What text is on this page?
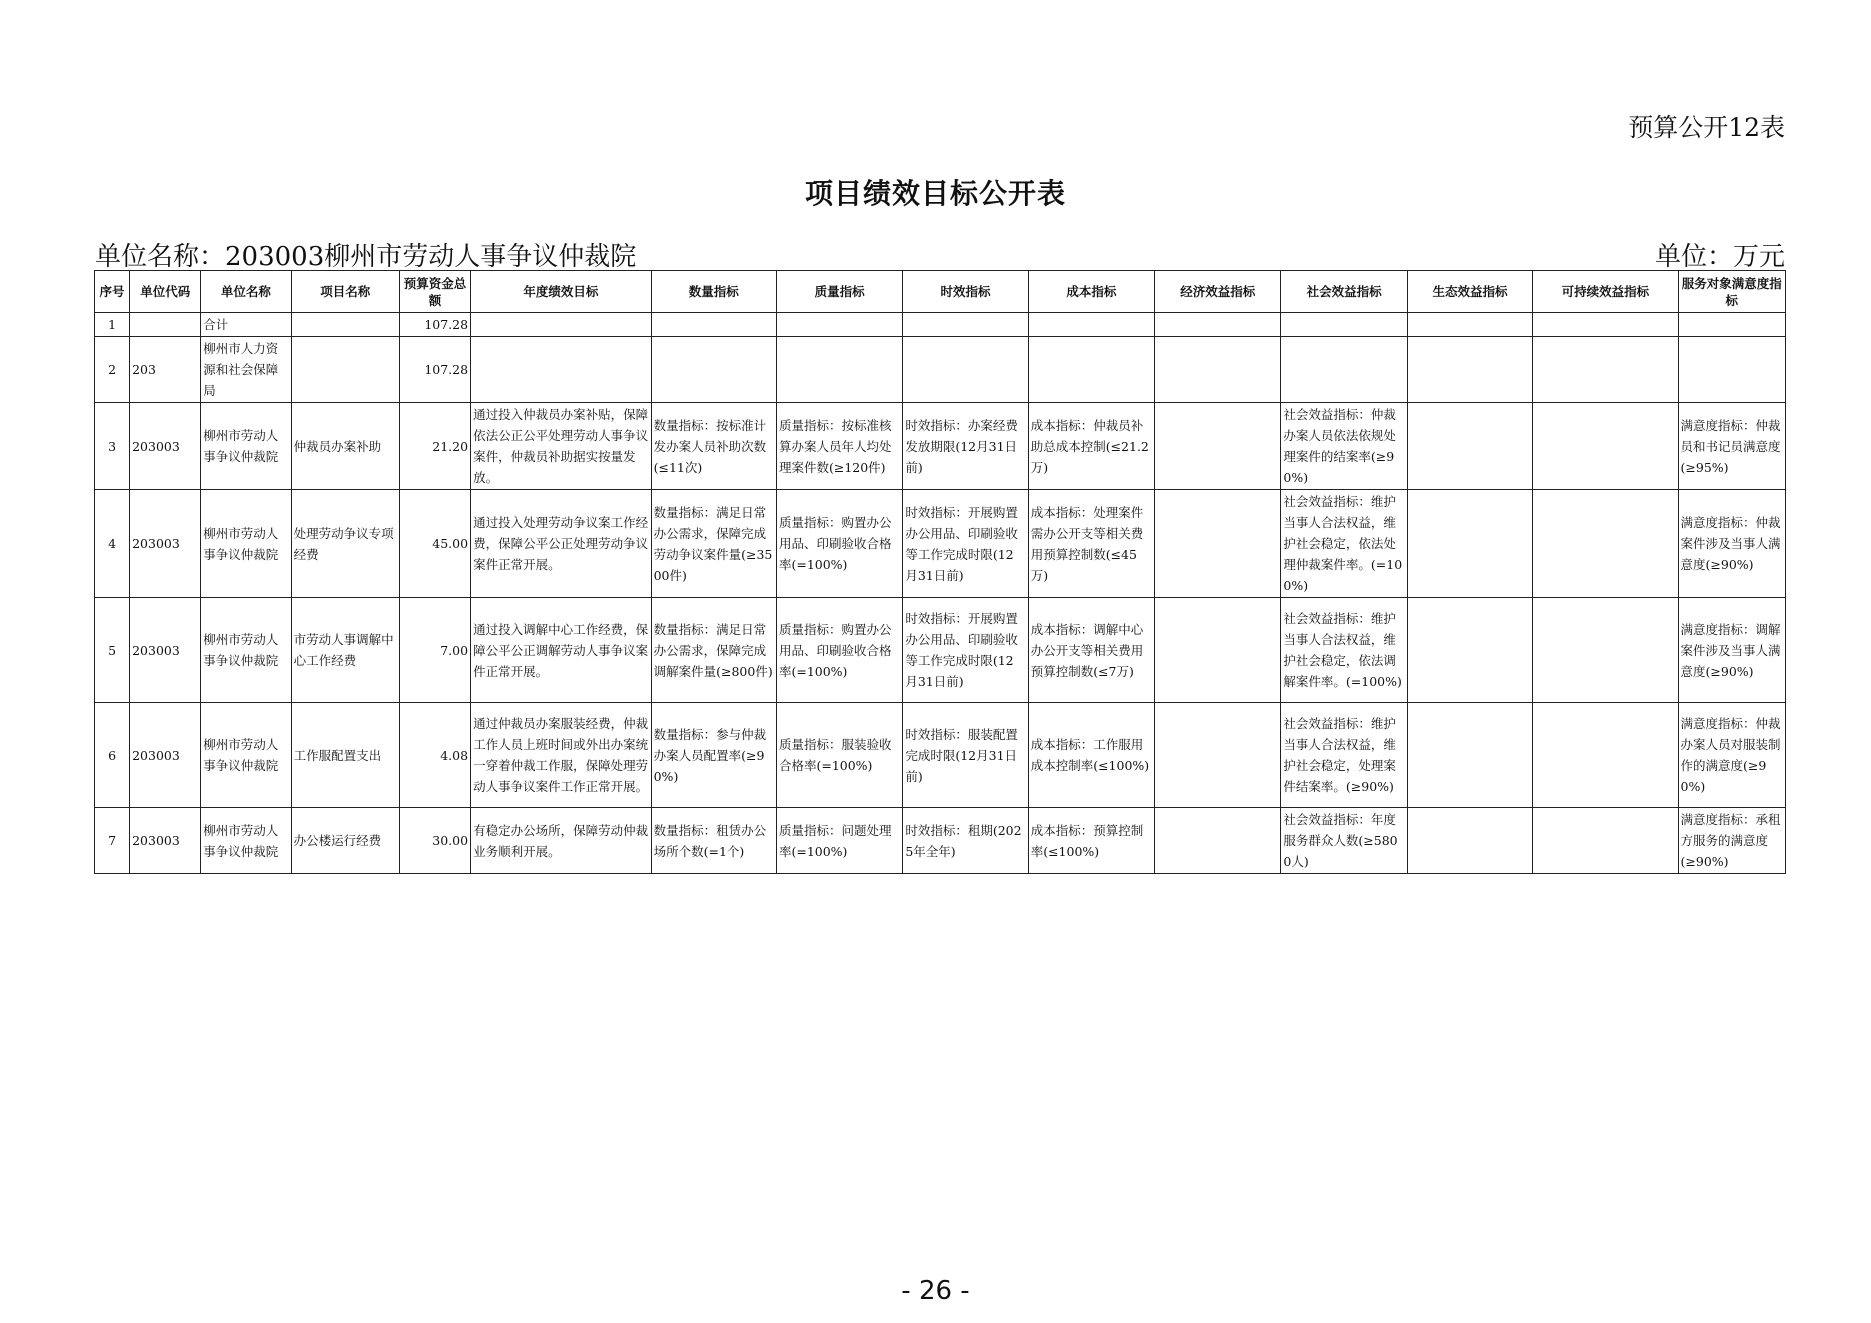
预算公开12表
项目绩效目标公开表
单位名称：203003柳州市劳动人事争议仲裁院	单位：万元
序号	单位代码	单位名称	项目名称	预算资金总额	年度绩效目标	数量指标	质量指标	时效指标	成本指标	经济效益指标	社会效益指标	生态效益指标	可持续效益指标	服务对象满意度指标
1		合计		107.28										
2	203	柳州市人力资源和社会保障局		107.28										
3	203003	柳州市劳动人事争议仲裁院	仲裁员办案补助	21.20	通过投入仲裁员办案补贴，保障依法公正公平处理劳动人事争议案件，仲裁员补助据实按量发放。	数量指标：按标准计发办案人员补助次数(≤11次)	质量指标：按标准核算办案人员年人均处理案件数(≥120件)	时效指标：办案经费发放期限(12月31日前)	成本指标：仲裁员补助总成本控制(≤21.2万)		社会效益指标：仲裁办案人员依法依规处理案件的结案率(≥90%)			满意度指标：仲裁员和书记员满意度(≥95%)
4	203003	柳州市劳动人事争议仲裁院	处理劳动争议专项经费	45.00	通过投入处理劳动争议案工作经费，保障公平公正处理劳动争议案件正常开展。	数量指标：满足日常办公需求，保障完成劳动争议案件量(≥3500件)	质量指标：购置办公用品、印刷验收合格率(=100%)	时效指标：开展购置办公用品、印刷验收等工作完成时限(12月31日前)	成本指标：处理案件需办公开支等相关费用预算控制数(≤45万)		社会效益指标：维护当事人合法权益，维护社会稳定，依法处理仲裁案件率。(=100%)			满意度指标：仲裁案件涉及当事人满意度(≥90%)
5	203003	柳州市劳动人事争议仲裁院	市劳动人事调解中心工作经费	7.00	通过投入调解中心工作经费，保障公平公正调解劳动人事争议案件正常开展。	数量指标：满足日常办公需求，保障完成调解案件量(≥800件)	质量指标：购置办公用品、印刷验收合格率(=100%)	时效指标：开展购置办公用品、印刷验收等工作完成时限(12月31日前)	成本指标：调解中心办公开支等相关费用预算控制数(≤7万)		社会效益指标：维护当事人合法权益，维护社会稳定，依法调解案件率。(=100%)			满意度指标：调解案件涉及当事人满意度(≥90%)
6	203003	柳州市劳动人事争议仲裁院	工作服配置支出	4.08	通过仲裁员办案服装经费，仲裁工作人员上班时间或外出办案统一穿着仲裁工作服，保障处理劳动人事争议案件工作正常开展。	数量指标：参与仲裁办案人员配置率(≥90%)	质量指标：服装验收合格率(=100%)	时效指标：服装配置完成时限(12月31日前)	成本指标：工作服用成本控制率(≤100%)		社会效益指标：维护当事人合法权益，维护社会稳定，处理案件结案率。(≥90%)			满意度指标：仲裁办案人员对服装制作的满意度(≥90%)
7	203003	柳州市劳动人事争议仲裁院	办公楼运行经费	30.00	有稳定办公场所，保障劳动仲裁业务顺利开展。	数量指标：租赁办公场所个数(=1个)	质量指标：问题处理率(=100%)	时效指标：租期(2025年全年)	成本指标：预算控制率(≤100%)		社会效益指标：年度服务群众人数(≥5800人)			满意度指标：承租方服务的满意度(≥90%)
- 26 -
